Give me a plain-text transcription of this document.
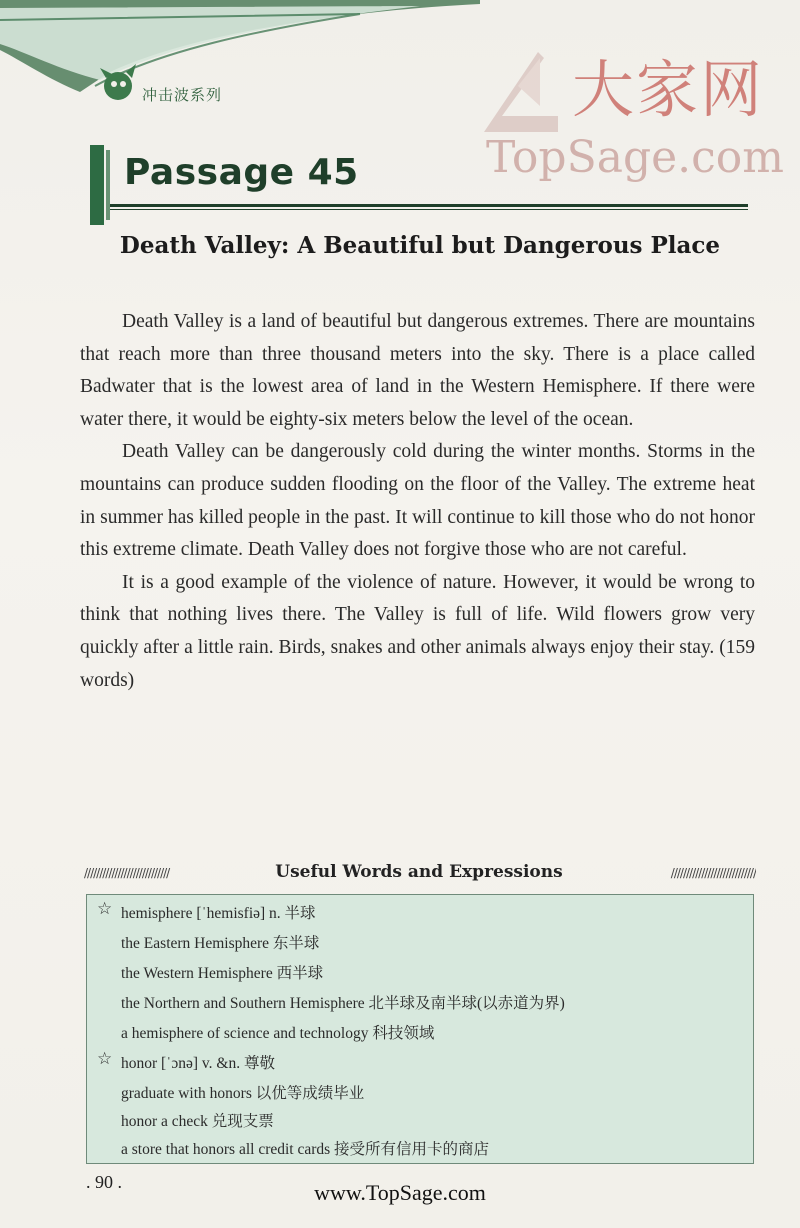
冲击波系列	大家网
TopSage.com
Passage 45
Death Valley: A Beautiful but Dangerous Place

Death Valley is a land of beautiful but dangerous extremes. There are mountains that reach more than three thousand meters into the sky. There is a place called Badwater that is the lowest area of land in the Western Hemisphere. If there were water there, it would be eighty-six meters below the level of the ocean.

Death Valley can be dangerously cold during the winter months. Storms in the mountains can produce sudden flooding on the floor of the Valley. The extreme heat in summer has killed people in the past. It will continue to kill those who do not honor this extreme climate. Death Valley does not forgive those who are not careful.

It is a good example of the violence of nature. However, it would be wrong to think that nothing lives there. The Valley is full of life. Wild flowers grow very quickly after a little rain. Birds, snakes and other animals always enjoy their stay. (159 words)

////////////////////////////	Useful Words and Expressions	////////////////////////////
☆ hemisphere [ˈhemisfiə] n. 半球
the Eastern Hemisphere 东半球
the Western Hemisphere 西半球
the Northern and Southern Hemisphere 北半球及南半球(以赤道为界)
a hemisphere of science and technology 科技领域
☆ honor [ˈɔnə] v. &n. 尊敬
graduate with honors 以优等成绩毕业
honor a check 兑现支票
a store that honors all credit cards 接受所有信用卡的商店
. 90 .	www.TopSage.com
